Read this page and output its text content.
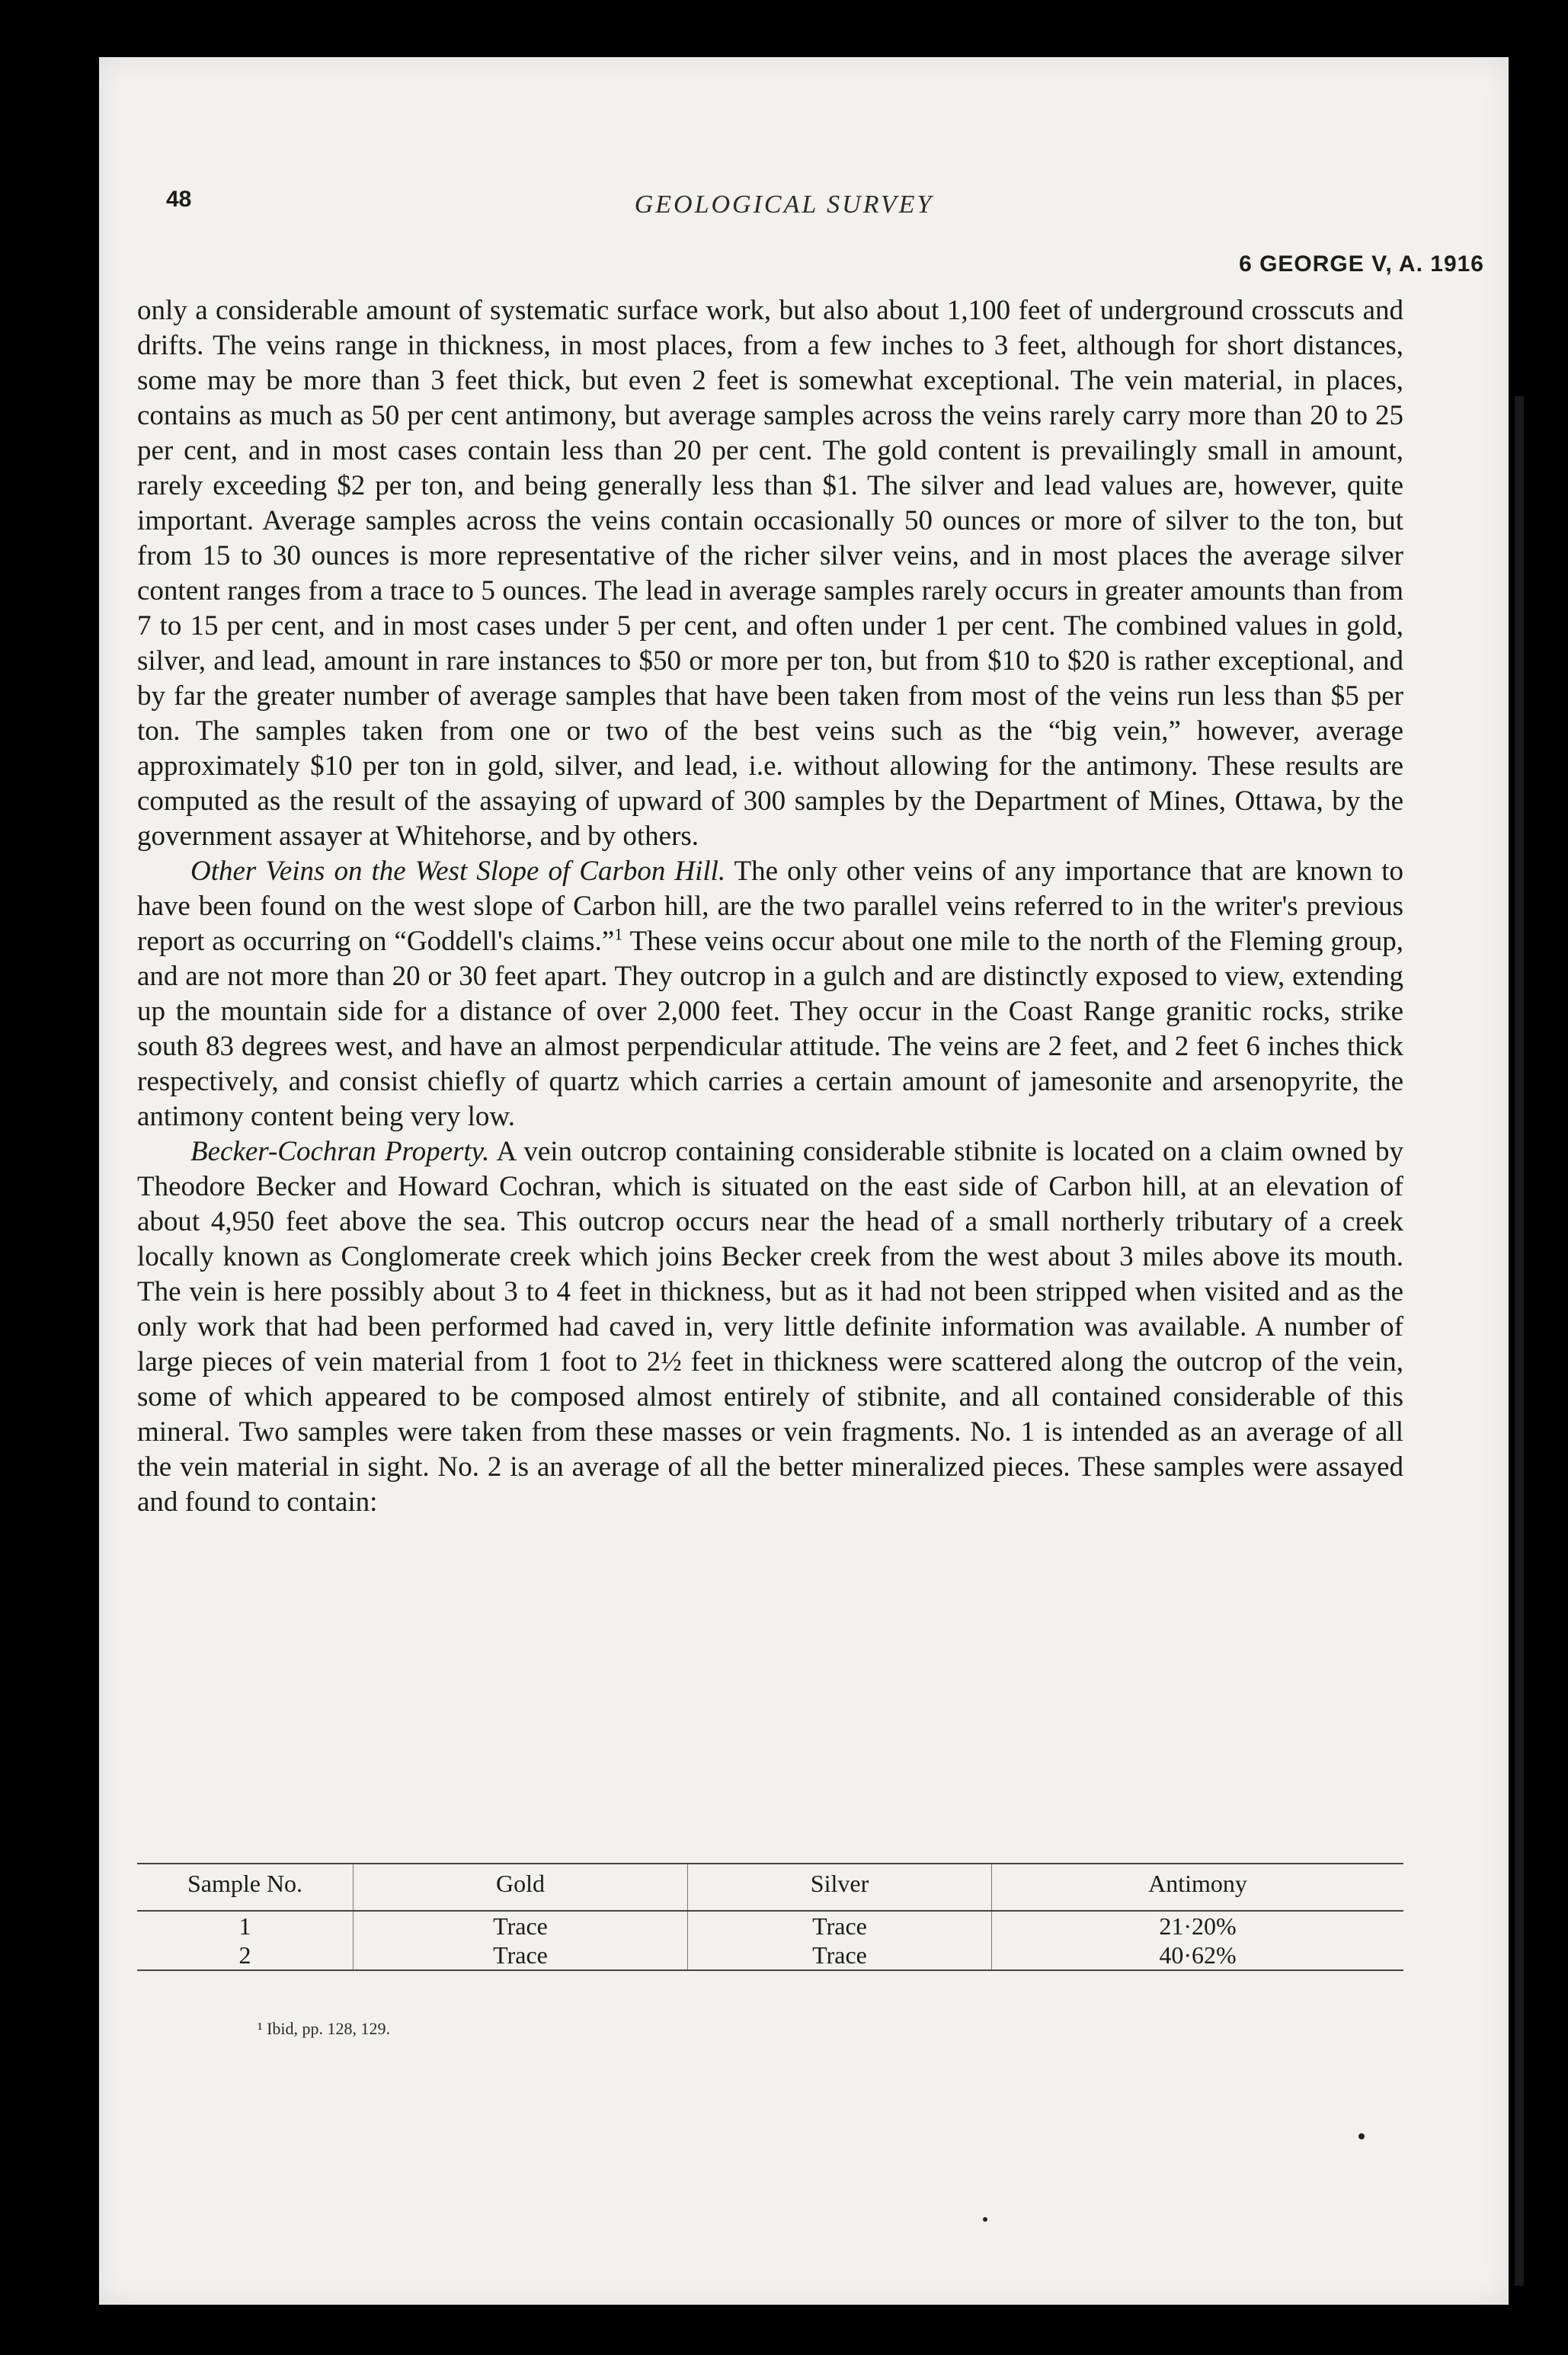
48	GEOLOGICAL SURVEY
6 GEORGE V, A. 1916

only a considerable amount of systematic surface work, but also about 1,100 feet of underground crosscuts and drifts. The veins range in thickness, in most places, from a few inches to 3 feet, although for short distances, some may be more than 3 feet thick, but even 2 feet is somewhat exceptional. The vein material, in places, contains as much as 50 per cent antimony, but average samples across the veins rarely carry more than 20 to 25 per cent, and in most cases contain less than 20 per cent. The gold content is prevailingly small in amount, rarely exceeding $2 per ton, and being generally less than $1. The silver and lead values are, however, quite important. Average samples across the veins contain occasionally 50 ounces or more of silver to the ton, but from 15 to 30 ounces is more representative of the richer silver veins, and in most places the average silver content ranges from a trace to 5 ounces. The lead in average samples rarely occurs in greater amounts than from 7 to 15 per cent, and in most cases under 5 per cent, and often under 1 per cent. The combined values in gold, silver, and lead, amount in rare instances to $50 or more per ton, but from $10 to $20 is rather exceptional, and by far the greater number of average samples that have been taken from most of the veins run less than $5 per ton. The samples taken from one or two of the best veins such as the “big vein,” however, average approximately $10 per ton in gold, silver, and lead, i.e. without allowing for the antimony. These results are computed as the result of the assaying of upward of 300 samples by the Department of Mines, Ottawa, by the government assayer at Whitehorse, and by others.

Other Veins on the West Slope of Carbon Hill. The only other veins of any importance that are known to have been found on the west slope of Carbon hill, are the two parallel veins referred to in the writer's previous report as occurring on “Goddell's claims.”$^1$ These veins occur about one mile to the north of the Fleming group, and are not more than 20 or 30 feet apart. They outcrop in a gulch and are distinctly exposed to view, extending up the mountain side for a distance of over 2,000 feet. They occur in the Coast Range granitic rocks, strike south 83 degrees west, and have an almost perpendicular attitude. The veins are 2 feet, and 2 feet 6 inches thick respectively, and consist chiefly of quartz which carries a certain amount of jamesonite and arsenopyrite, the antimony content being very low.

Becker-Cochran Property. A vein outcrop containing considerable stibnite is located on a claim owned by Theodore Becker and Howard Cochran, which is situated on the east side of Carbon hill, at an elevation of about 4,950 feet above the sea. This outcrop occurs near the head of a small northerly tributary of a creek locally known as Conglomerate creek which joins Becker creek from the west about 3 miles above its mouth. The vein is here possibly about 3 to 4 feet in thickness, but as it had not been stripped when visited and as the only work that had been performed had caved in, very little definite information was available. A number of large pieces of vein material from 1 foot to 2½ feet in thickness were scattered along the outcrop of the vein, some of which appeared to be composed almost entirely of stibnite, and all contained considerable of this mineral. Two samples were taken from these masses or vein fragments. No. 1 is intended as an average of all the vein material in sight. No. 2 is an average of all the better mineralized pieces. These samples were assayed and found to contain:

Sample No.	Gold	Silver	Antimony
1	Trace	Trace	21·20%
2	Trace	Trace	40·62%
¹ Ibid, pp. 128, 129.
